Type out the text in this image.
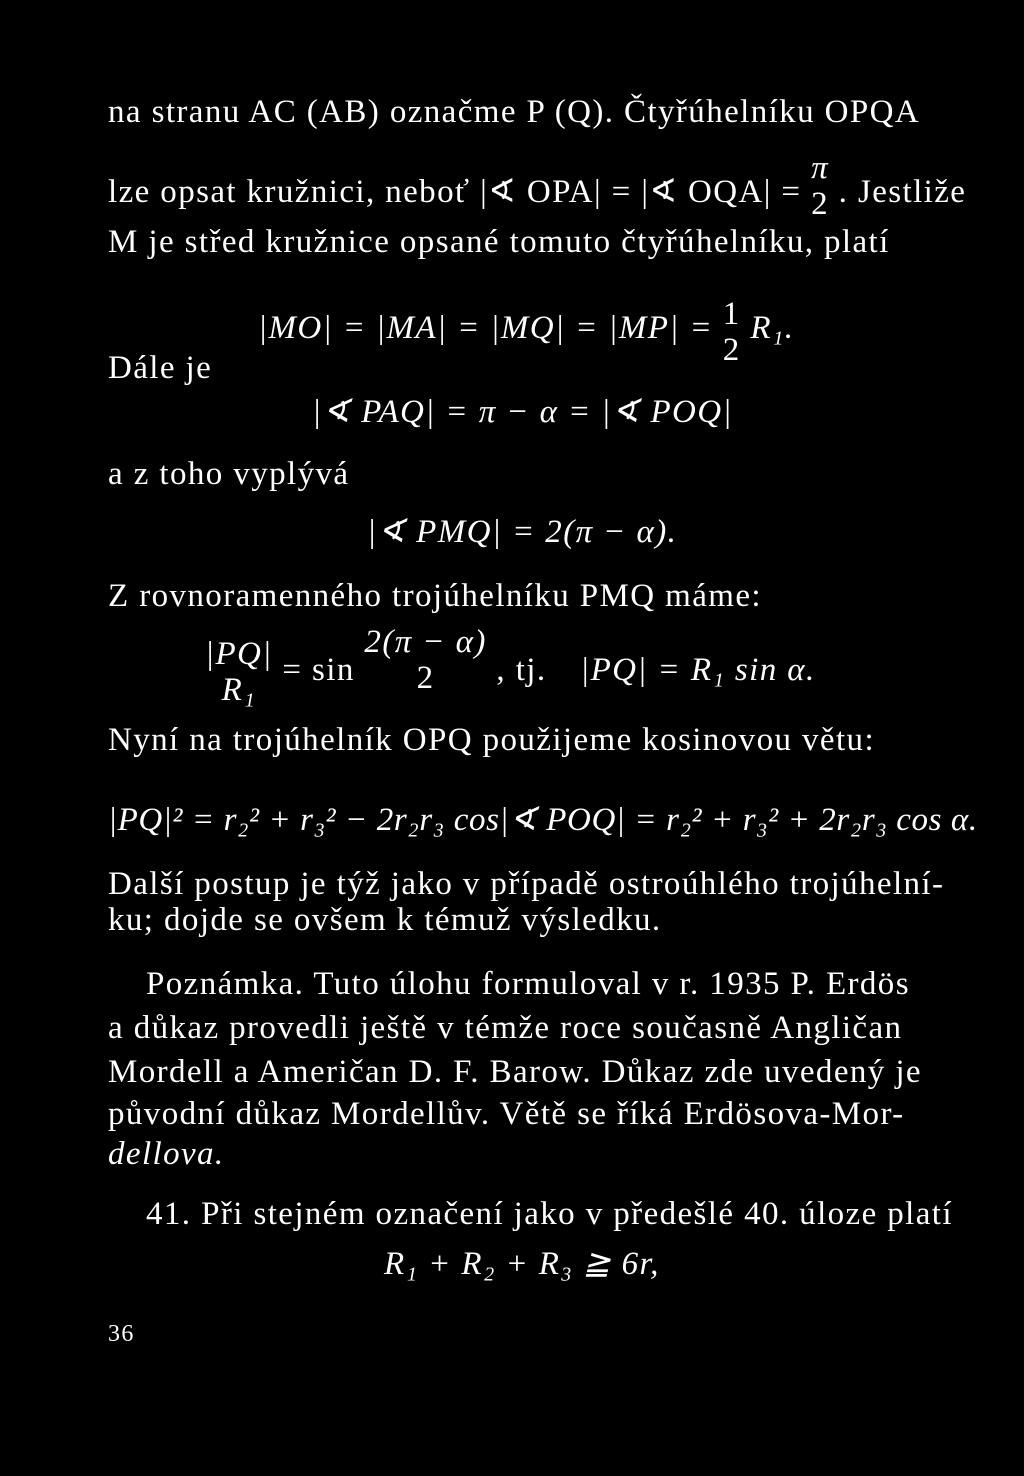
na stranu AC (AB) označme P (Q). Čtyřúhelníku OPQA
lze opsat kružnici, neboť |∢ OPA| = |∢ OQA| =
π
2 . Jestliže
M je střed kružnice opsané tomuto čtyřúhelníku, platí
|MO| = |MA| = |MQ| = |MP| = 1
2
R₁.
Dále je
|∢ PAQ| = π − α = |∢ POQ|
a z toho vyplývá
|∢ PMQ| = 2(π − α).
Z rovnoramenného trojúhelníku PMQ máme:
|PQ|
R₁
= sin
2(π − α)
2	, tj. |PQ| = R₁ sin α.
Nyní na trojúhelník OPQ použijeme kosinovou větu:
|PQ|² = r₂² + r₃² − 2r₂r₃ cos|∢ POQ| = r₂² + r₃² + 2r₂r₃ cos α.
Další postup je týž jako v případě ostroúhlého trojúhelní-
ku; dojde se ovšem k témuž výsledku.
Poznámka. Tuto úlohu formuloval v r. 1935 P. Erdös
a důkaz provedli ještě v témže roce současně Angličan
Mordell a Američan D. F. Barow. Důkaz zde uvedený je
původní důkaz Mordellův. Větě se říká Erdösova-Mor-
dellova.
41. Při stejném označení jako v předešlé 40. úloze platí
R₁ + R₂ + R₃ ≧ 6r,
36
